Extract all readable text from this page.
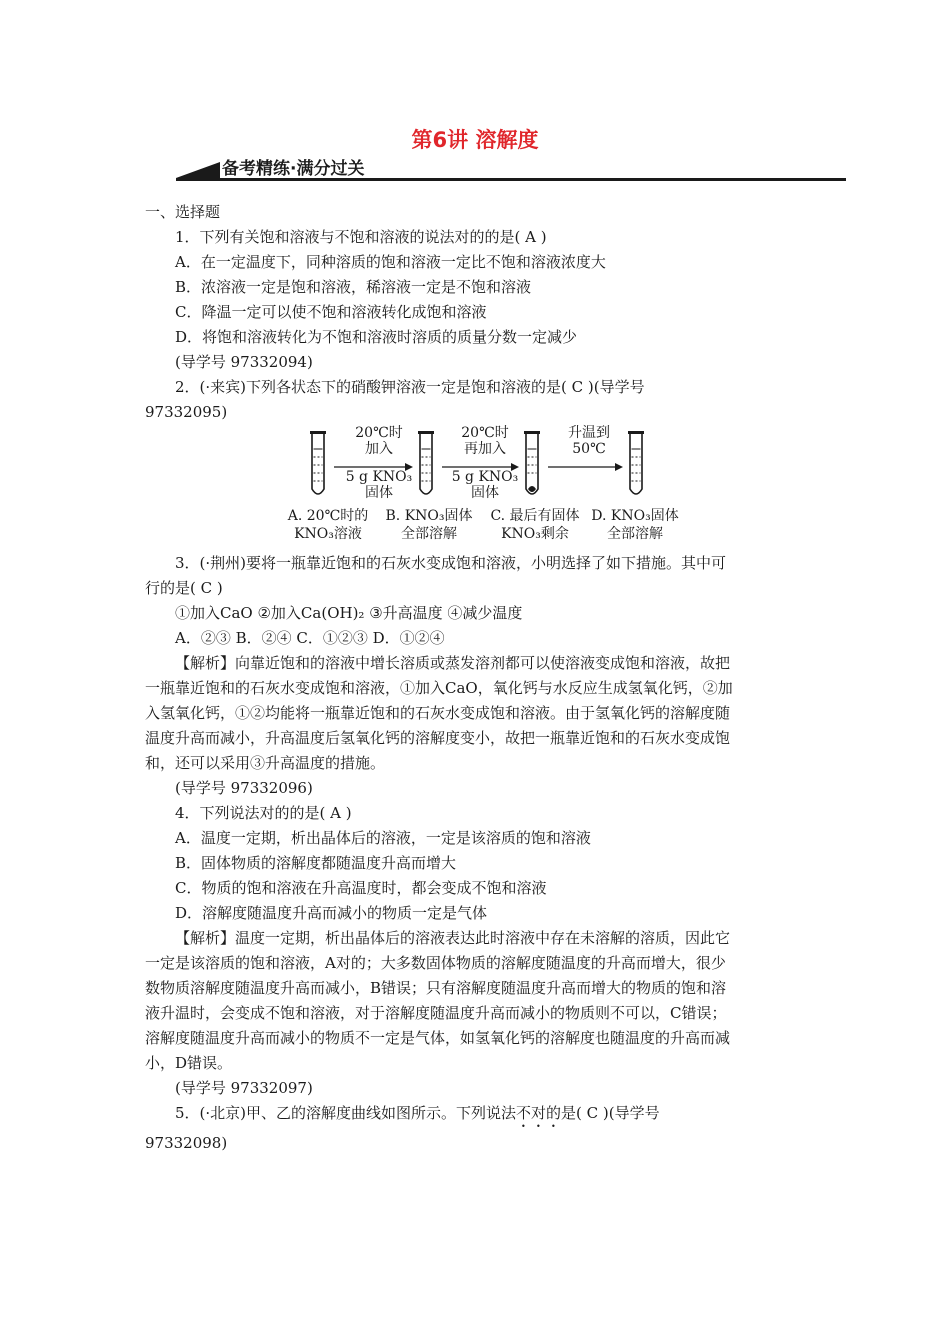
第6讲 溶解度
备考精练·满分过关

一、选择题

1．下列有关饱和溶液与不饱和溶液的说法对的的是( A )

A．在一定温度下，同种溶质的饱和溶液一定比不饱和溶液浓度大

B．浓溶液一定是饱和溶液，稀溶液一定是不饱和溶液

C．降温一定可以使不饱和溶液转化成饱和溶液

D．将饱和溶液转化为不饱和溶液时溶质的质量分数一定减少

(导学号 97332094)

2．(·来宾)下列各状态下的硝酸钾溶液一定是饱和溶液的是( C )(导学号

97332095)

20℃时
加入
5 g KNO₃
固体
20℃时
再加入
5 g KNO₃
固体
升温到
50℃
A. 20℃时的
KNO₃溶液
B. KNO₃固体
全部溶解
C. 最后有固体
KNO₃剩余
D. KNO₃固体
全部溶解

3．(·荆州)要将一瓶靠近饱和的石灰水变成饱和溶液，小明选择了如下措施。其中可

行的是( C )

①加入CaO ②加入Ca(OH)₂ ③升高温度 ④减少温度

A．②③ B．②④ C．①②③ D．①②④

【解析】向靠近饱和的溶液中增长溶质或蒸发溶剂都可以使溶液变成饱和溶液，故把

一瓶靠近饱和的石灰水变成饱和溶液，①加入CaO，氧化钙与水反应生成氢氧化钙，②加

入氢氧化钙，①②均能将一瓶靠近饱和的石灰水变成饱和溶液。由于氢氧化钙的溶解度随

温度升高而减小，升高温度后氢氧化钙的溶解度变小，故把一瓶靠近饱和的石灰水变成饱

和，还可以采用③升高温度的措施。

(导学号 97332096)

4．下列说法对的的是( A )

A．温度一定期，析出晶体后的溶液，一定是该溶质的饱和溶液

B．固体物质的溶解度都随温度升高而增大

C．物质的饱和溶液在升高温度时，都会变成不饱和溶液

D．溶解度随温度升高而减小的物质一定是气体

【解析】温度一定期，析出晶体后的溶液表达此时溶液中存在未溶解的溶质，因此它

一定是该溶质的饱和溶液，A对的；大多数固体物质的溶解度随温度的升高而增大，很少

数物质溶解度随温度升高而减小，B错误；只有溶解度随温度升高而增大的物质的饱和溶

液升温时，会变成不饱和溶液，对于溶解度随温度升高而减小的物质则不可以，C错误；

溶解度随温度升高而减小的物质不一定是气体，如氢氧化钙的溶解度也随温度的升高而减

小，D错误。

(导学号 97332097)

5．(·北京)甲、乙的溶解度曲线如图所示。下列说法不对的是( C )(导学号

97332098)
